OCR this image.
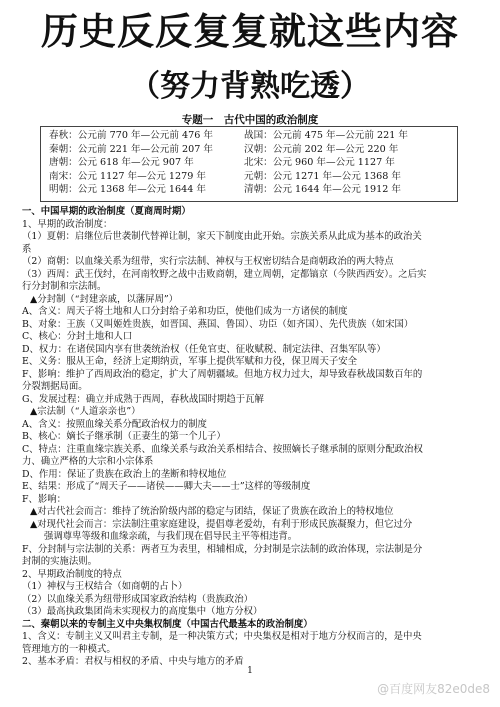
历史反反复复就这些内容
（努力背熟吃透）
专题一　古代中国的政治制度
春秋：公元前 770 年—公元前 476 年	战国：公元前 475 年—公元前 221 年
秦朝：公元前 221 年—公元前 207 年	汉朝：公元前 202 年—公元 220 年
唐朝：公元 618 年—公元 907 年	北宋：公元 960 年—公元 1127 年
南宋：公元 1127 年—公元 1279 年	元朝：公元 1271 年—公元 1368 年
明朝：公元 1368 年—公元 1644 年	清朝：公元 1644 年—公元 1912 年
一、中国早期的政治制度（夏商周时期）
1、早期的政治制度：
（1）夏朝：启继位后世袭制代替禅让制，家天下制度由此开始。宗族关系从此成为基本的政治关
系
（2）商朝：以血缘关系为纽带，实行宗法制、神权与王权密切结合是商朝政治的两大特点
（3）西周：武王伐纣，在河南牧野之战中击败商朝，建立周朝，定都镐京（今陕西西安）。之后实
行分封制和宗法制。
▲分封制（“封建亲戚，以藩屏周”）
A、含义：周天子将土地和人口分封给子弟和功臣，使他们成为一方诸侯的制度
B、对象：王族（又叫姬姓贵族，如晋国、燕国、鲁国）、功臣（如齐国）、先代贵族（如宋国）
C、核心：分封土地和人口
D、权力：在诸侯国内享有世袭统治权（任免官吏、征收赋税、制定法律、召集军队等）
E、义务：服从王命，经济上定期纳贡，军事上提供军赋和力役，保卫周天子安全
F、影响：维护了西周政治的稳定，扩大了周朝疆域。但地方权力过大，却导致春秋战国数百年的
分裂割据局面。
G、发展过程：确立并成熟于西周，春秋战国时期趋于瓦解
▲宗法制（“人道亲亲也”）
A、含义：按照血缘关系分配政治权力的制度
B、核心：嫡长子继承制（正妻生的第一个儿子）
C、特点：注重血缘宗族关系、血缘关系与政治关系相结合、按照嫡长子继承制的原则分配政治权
力、确立严格的大宗和小宗体系
D、作用：保证了贵族在政治上的垄断和特权地位
E、结果：形成了“周天子——诸侯——卿大夫——士”这样的等级制度
F、影响：
▲对古代社会而言：维持了统治阶级内部的稳定与团结，保证了贵族在政治上的特权地位
▲对现代社会而言：宗法制注重家庭建设，提倡尊老爱幼，有利于形成民族凝聚力，但它过分
强调尊卑等级和血缘亲疏，与我们现在倡导民主平等相违背。
F、分封制与宗法制的关系：两者互为表里，相辅相成，分封制是宗法制的政治体现，宗法制是分
封制的实施法则。
2、早期政治制度的特点
（1）神权与王权结合（如商朝的占卜）
（2）以血缘关系为纽带形成国家政治结构（贵族政治）
（3）最高执政集团尚未实现权力的高度集中（地方分权）
二、秦朝以来的专制主义中央集权制度（中国古代最基本的政治制度）
1、含义：专制主义又叫君主专制，是一种决策方式；中央集权是相对于地方分权而言的，是中央
管理地方的一种模式。
2、基本矛盾：君权与相权的矛盾、中央与地方的矛盾
1
@百度网友82e0de8
